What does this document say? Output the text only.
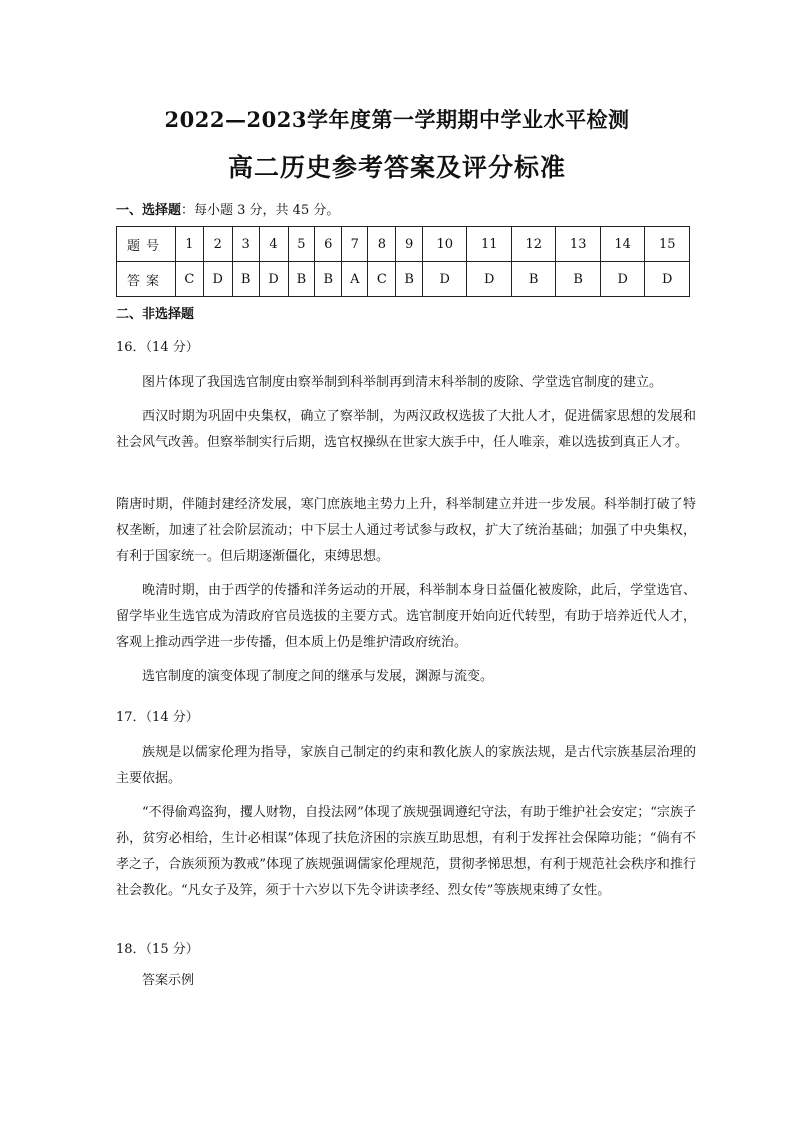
2022—2023学年度第一学期期中学业水平检测
高二历史参考答案及评分标准
一、选择题：每小题 3 分，共 45 分。
题号	1	2	3	4	5	6	7	8	9	10	11	12	13	14	15
答案	C	D	B	D	B	B	A	C	B	D	D	B	B	D	D
二、非选择题
16．（14 分）
图片体现了我国选官制度由察举制到科举制再到清末科举制的废除、学堂选官制度的建立。
西汉时期为巩固中央集权，确立了察举制，为两汉政权选拔了大批人才，促进儒家思想的发展和社会风气改善。但察举制实行后期，选官权操纵在世家大族手中，任人唯亲，难以选拔到真正人才。
隋唐时期，伴随封建经济发展，寒门庶族地主势力上升，科举制建立并进一步发展。科举制打破了特权垄断，加速了社会阶层流动；中下层士人通过考试参与政权，扩大了统治基础；加强了中央集权，有利于国家统一。但后期逐渐僵化，束缚思想。
晚清时期，由于西学的传播和洋务运动的开展，科举制本身日益僵化被废除，此后，学堂选官、留学毕业生选官成为清政府官员选拔的主要方式。选官制度开始向近代转型，有助于培养近代人才，客观上推动西学进一步传播，但本质上仍是维护清政府统治。
选官制度的演变体现了制度之间的继承与发展，渊源与流变。
17．（14 分）
族规是以儒家伦理为指导，家族自己制定的约束和教化族人的家族法规，是古代宗族基层治理的主要依据。
“不得偷鸡盗狗，攫人财物，自投法网”体现了族规强调遵纪守法，有助于维护社会安定；“宗族子孙，贫穷必相给，生计必相谋”体现了扶危济困的宗族互助思想，有利于发挥社会保障功能；“倘有不孝之子，合族须预为教戒”体现了族规强调儒家伦理规范，贯彻孝悌思想，有利于规范社会秩序和推行社会教化。“凡女子及笄，须于十六岁以下先令讲读孝经、烈女传”等族规束缚了女性。
18．（15 分）
答案示例
